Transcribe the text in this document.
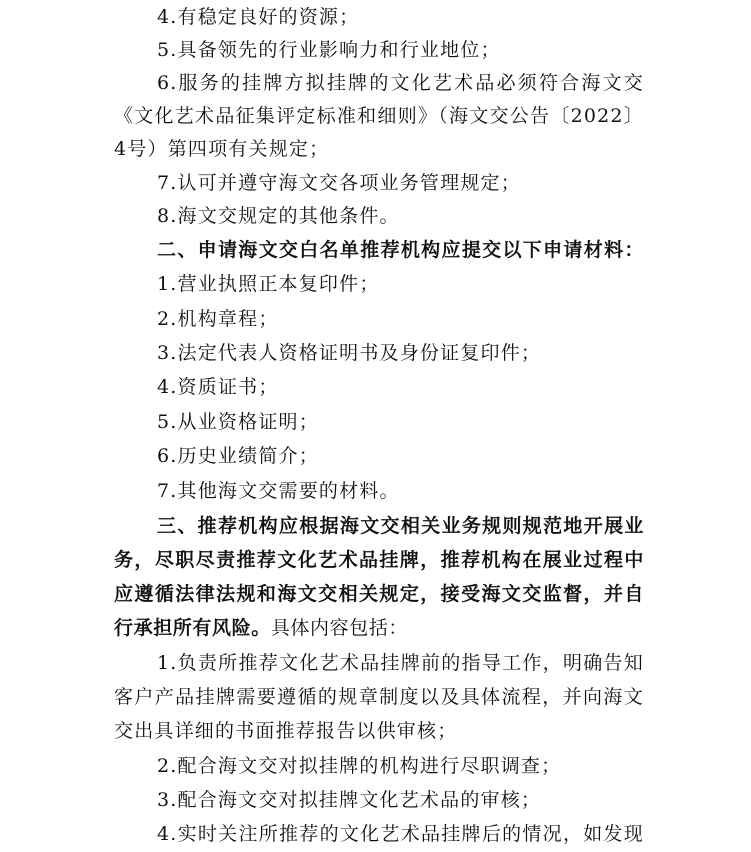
4.有稳定良好的资源；
5.具备领先的行业影响力和行业地位；
6.服务的挂牌方拟挂牌的文化艺术品必须符合海文交
《文化艺术品征集评定标准和细则》（海文交公告〔2022〕
4号）第四项有关规定；
7.认可并遵守海文交各项业务管理规定；
8.海文交规定的其他条件。
二、申请海文交白名单推荐机构应提交以下申请材料：
1.营业执照正本复印件；
2.机构章程；
3.法定代表人资格证明书及身份证复印件；
4.资质证书；
5.从业资格证明；
6.历史业绩简介；
7.其他海文交需要的材料。
三、推荐机构应根据海文交相关业务规则规范地开展业
务，尽职尽责推荐文化艺术品挂牌，推荐机构在展业过程中
应遵循法律法规和海文交相关规定，接受海文交监督，并自
行承担所有风险。具体内容包括：
1.负责所推荐文化艺术品挂牌前的指导工作，明确告知
客户产品挂牌需要遵循的规章制度以及具体流程，并向海文
交出具详细的书面推荐报告以供审核；
2.配合海文交对拟挂牌的机构进行尽职调查；
3.配合海文交对拟挂牌文化艺术品的审核；
4.实时关注所推荐的文化艺术品挂牌后的情况，如发现
